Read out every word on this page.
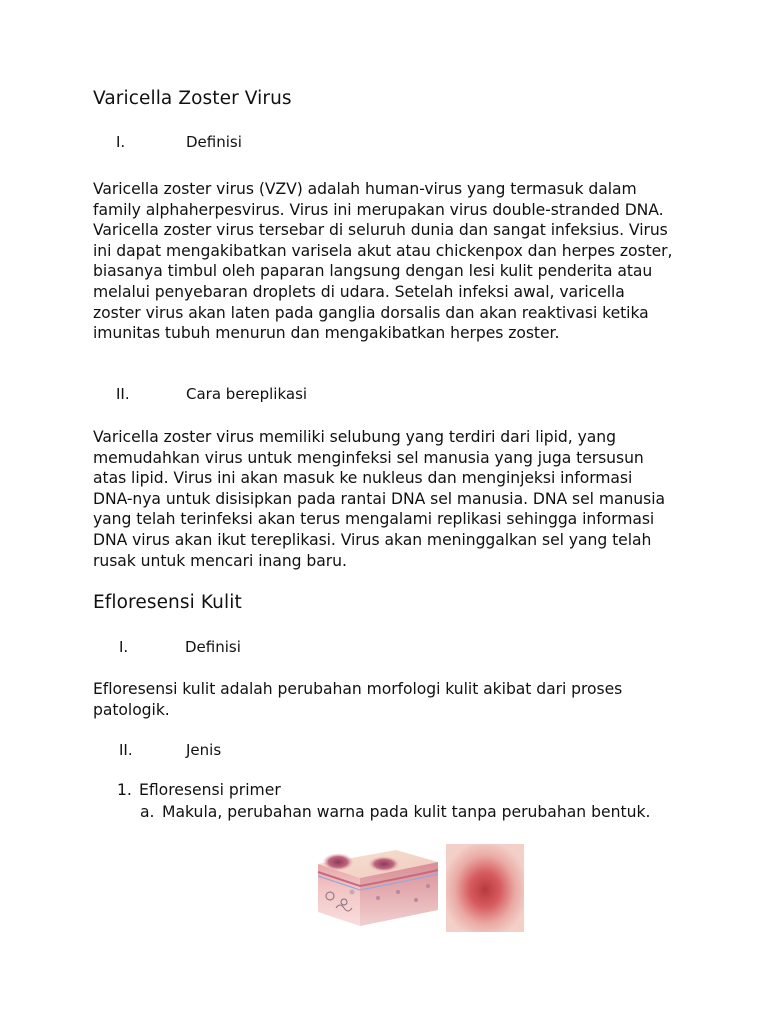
Varicella Zoster Virus
I.	Definisi
Varicella zoster virus (VZV) adalah human-virus yang termasuk dalam family alphaherpesvirus. Virus ini merupakan virus double-stranded DNA. Varicella zoster virus tersebar di seluruh dunia dan sangat infeksius. Virus ini dapat mengakibatkan varisela akut atau chickenpox dan herpes zoster, biasanya timbul oleh paparan langsung dengan lesi kulit penderita atau melalui penyebaran droplets di udara. Setelah infeksi awal, varicella zoster virus akan laten pada ganglia dorsalis dan akan reaktivasi ketika imunitas tubuh menurun dan mengakibatkan herpes zoster.
II.	Cara bereplikasi
Varicella zoster virus memiliki selubung yang terdiri dari lipid, yang memudahkan virus untuk menginfeksi sel manusia yang juga tersusun atas lipid. Virus ini akan masuk ke nukleus dan menginjeksi informasi DNA-nya untuk disisipkan pada rantai DNA sel manusia. DNA sel manusia yang telah terinfeksi akan terus mengalami replikasi sehingga informasi DNA virus akan ikut tereplikasi. Virus akan meninggalkan sel yang telah rusak untuk mencari inang baru.
Efloresensi Kulit
I.	Definisi
Efloresensi kulit adalah perubahan morfologi kulit akibat dari proses patologik.
II.	Jenis
1. Efloresensi primer
a. Makula, perubahan warna pada kulit tanpa perubahan bentuk.
